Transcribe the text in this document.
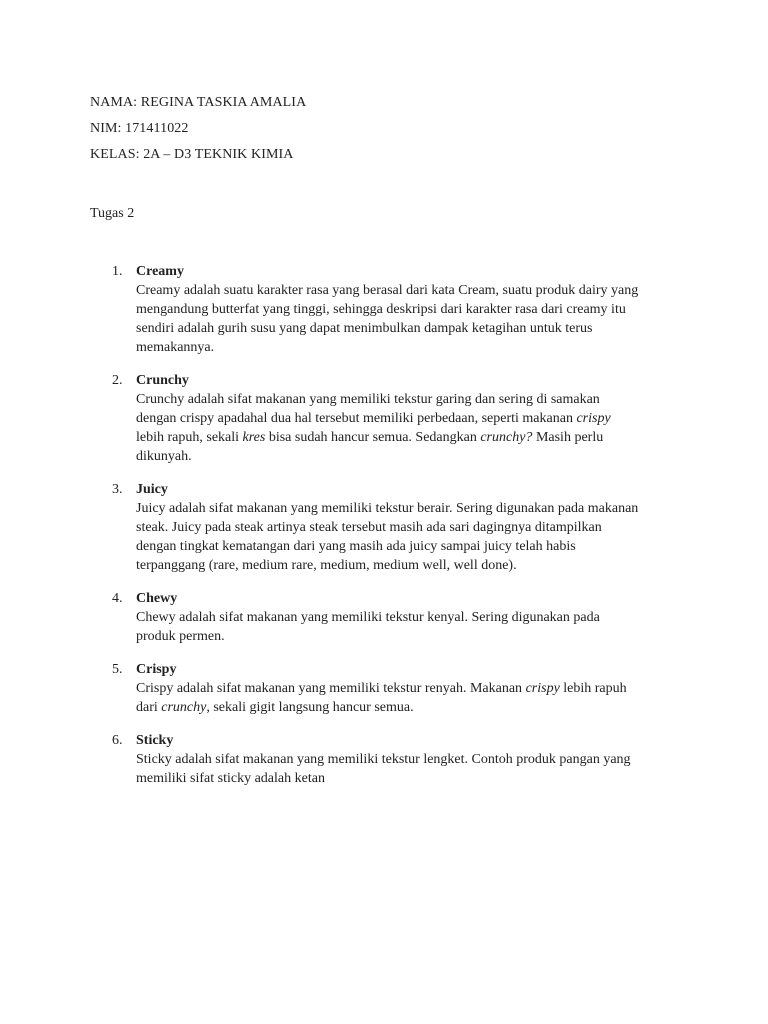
NAMA: REGINA TASKIA AMALIA
NIM: 171411022
KELAS: 2A – D3 TEKNIK KIMIA
Tugas 2
1. Creamy
Creamy adalah suatu karakter rasa yang berasal dari kata Cream, suatu produk dairy yang
mengandung butterfat yang tinggi, sehingga deskripsi dari karakter rasa dari creamy itu
sendiri adalah gurih susu yang dapat menimbulkan dampak ketagihan untuk terus
memakannya.
2. Crunchy
Crunchy adalah sifat makanan yang memiliki tekstur garing dan sering di samakan
dengan crispy apadahal dua hal tersebut memiliki perbedaan, seperti makanan crispy
lebih rapuh, sekali kres bisa sudah hancur semua. Sedangkan crunchy? Masih perlu
dikunyah.
3. Juicy
Juicy adalah sifat makanan yang memiliki tekstur berair. Sering digunakan pada makanan
steak. Juicy pada steak artinya steak tersebut masih ada sari dagingnya ditampilkan
dengan tingkat kematangan dari yang masih ada juicy sampai juicy telah habis
terpanggang (rare, medium rare, medium, medium well, well done).
4. Chewy
Chewy adalah sifat makanan yang memiliki tekstur kenyal. Sering digunakan pada
produk permen.
5. Crispy
Crispy adalah sifat makanan yang memiliki tekstur renyah. Makanan crispy lebih rapuh
dari crunchy, sekali gigit langsung hancur semua.
6. Sticky
Sticky adalah sifat makanan yang memiliki tekstur lengket. Contoh produk pangan yang
memiliki sifat sticky adalah ketan
